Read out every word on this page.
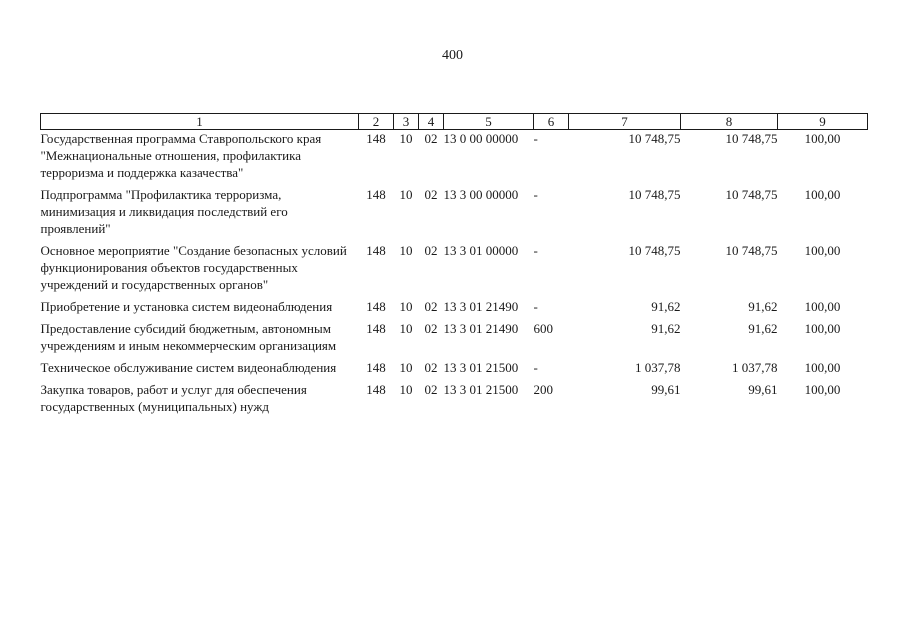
400
1	2	3	4	5	6	7	8	9
Государственная программа Ставропольского края "Межнациональные отношения, профилактика терроризма и поддержка казачества"	148	10	02	13 0 00 00000	-	10 748,75	10 748,75	100,00
Подпрограмма "Профилактика терроризма, минимизация и ликвидация последствий его проявлений"	148	10	02	13 3 00 00000	-	10 748,75	10 748,75	100,00
Основное мероприятие "Создание безопасных условий функционирования объектов государственных учреждений и государственных органов"	148	10	02	13 3 01 00000	-	10 748,75	10 748,75	100,00
Приобретение и установка систем видеонаблюдения	148	10	02	13 3 01 21490	-	91,62	91,62	100,00
Предоставление субсидий бюджетным, автономным учреждениям и иным некоммерческим организациям	148	10	02	13 3 01 21490	600	91,62	91,62	100,00
Техническое обслуживание систем видеонаблюдения	148	10	02	13 3 01 21500	-	1 037,78	1 037,78	100,00
Закупка товаров, работ и услуг для обеспечения государственных (муниципальных) нужд	148	10	02	13 3 01 21500	200	99,61	99,61	100,00
